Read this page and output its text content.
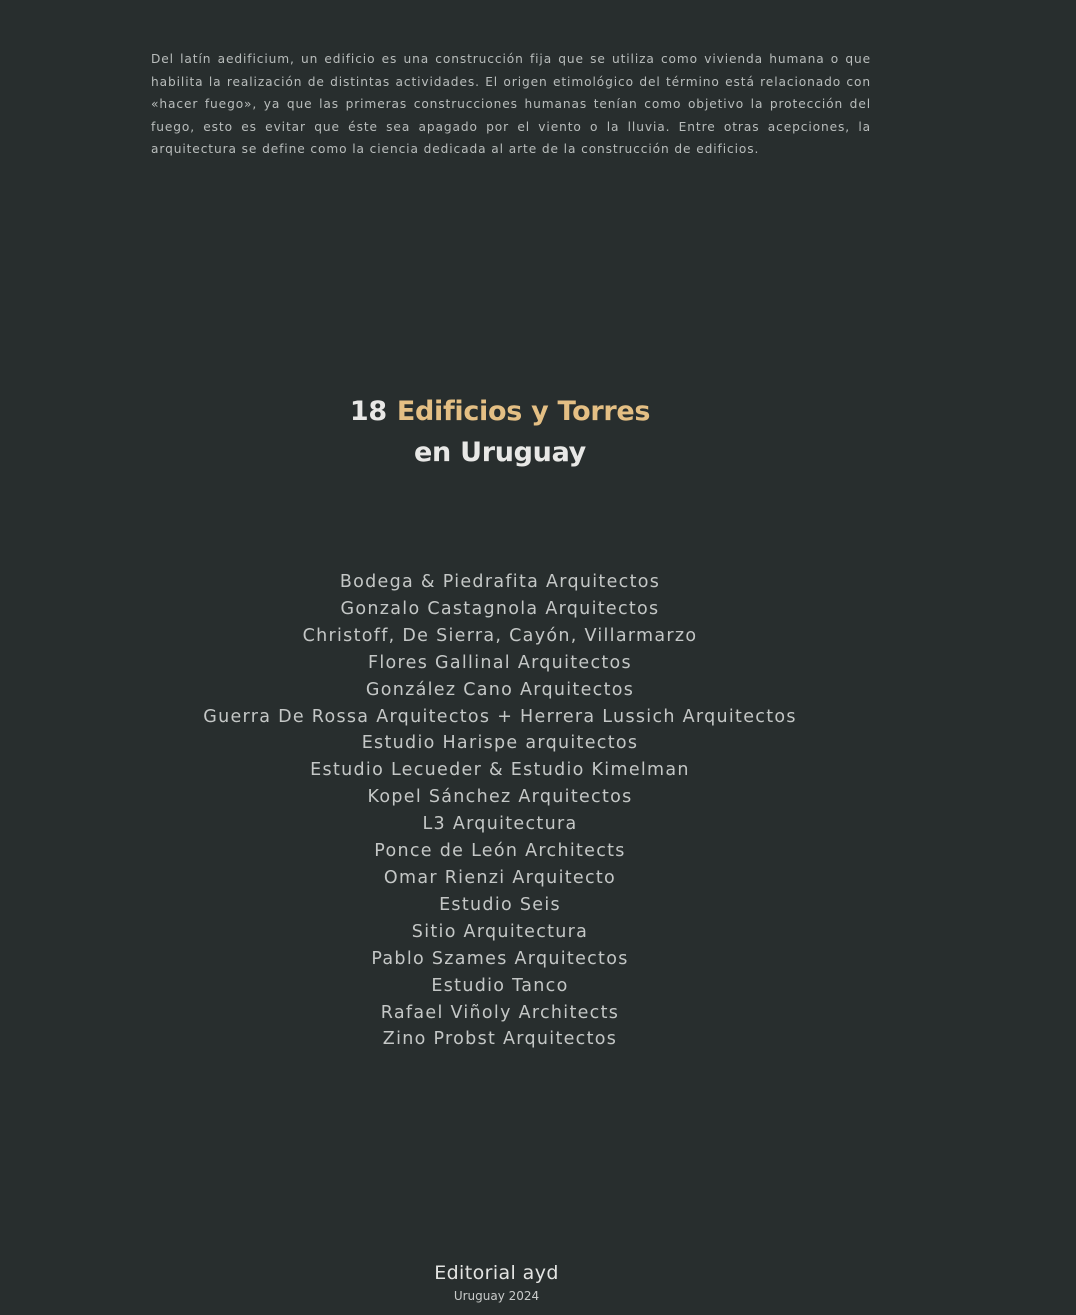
Del latín aedificium, un edificio es una construcción fija que se utiliza como vivienda humana o que habilita la realización de distintas actividades. El origen etimológico del término está relacionado con «hacer fuego», ya que las primeras construcciones humanas tenían como objetivo la protección del fuego, esto es evitar que éste sea apagado por el viento o la lluvia. Entre otras acepciones, la arquitectura se define como la ciencia dedicada al arte de la construcción de edificios.

18 Edificios y Torres
en Uruguay
Bodega & Piedrafita Arquitectos
Gonzalo Castagnola Arquitectos
Christoff, De Sierra, Cayón, Villarmarzo
Flores Gallinal Arquitectos
González Cano Arquitectos
Guerra De Rossa Arquitectos + Herrera Lussich Arquitectos
Estudio Harispe arquitectos
Estudio Lecueder & Estudio Kimelman
Kopel Sánchez Arquitectos
L3 Arquitectura
Ponce de León Architects
Omar Rienzi Arquitecto
Estudio Seis
Sitio Arquitectura
Pablo Szames Arquitectos
Estudio Tanco
Rafael Viñoly Architects
Zino Probst Arquitectos
Editorial ayd
Uruguay 2024
